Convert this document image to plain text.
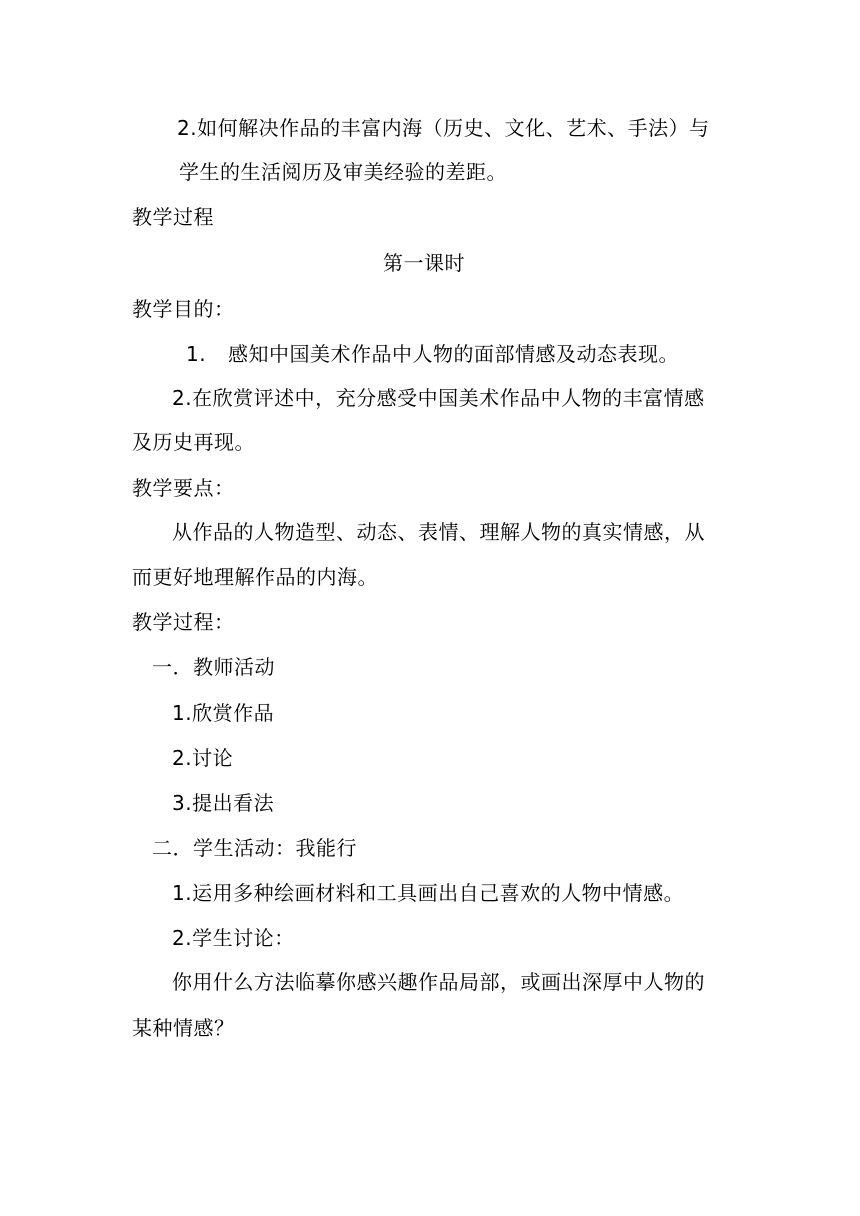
2.如何解决作品的丰富内海（历史、文化、艺术、手法）与
学生的生活阅历及审美经验的差距。
教学过程
第一课时
教学目的：
1. 感知中国美术作品中人物的面部情感及动态表现。
2.在欣赏评述中，充分感受中国美术作品中人物的丰富情感
及历史再现。
教学要点：
从作品的人物造型、动态、表情、理解人物的真实情感，从
而更好地理解作品的内海。
教学过程：
一．教师活动
1.欣赏作品
2.讨论
3.提出看法
二．学生活动：我能行
1.运用多种绘画材料和工具画出自己喜欢的人物中情感。
2.学生讨论：
你用什么方法临摹你感兴趣作品局部，或画出深厚中人物的
某种情感？
